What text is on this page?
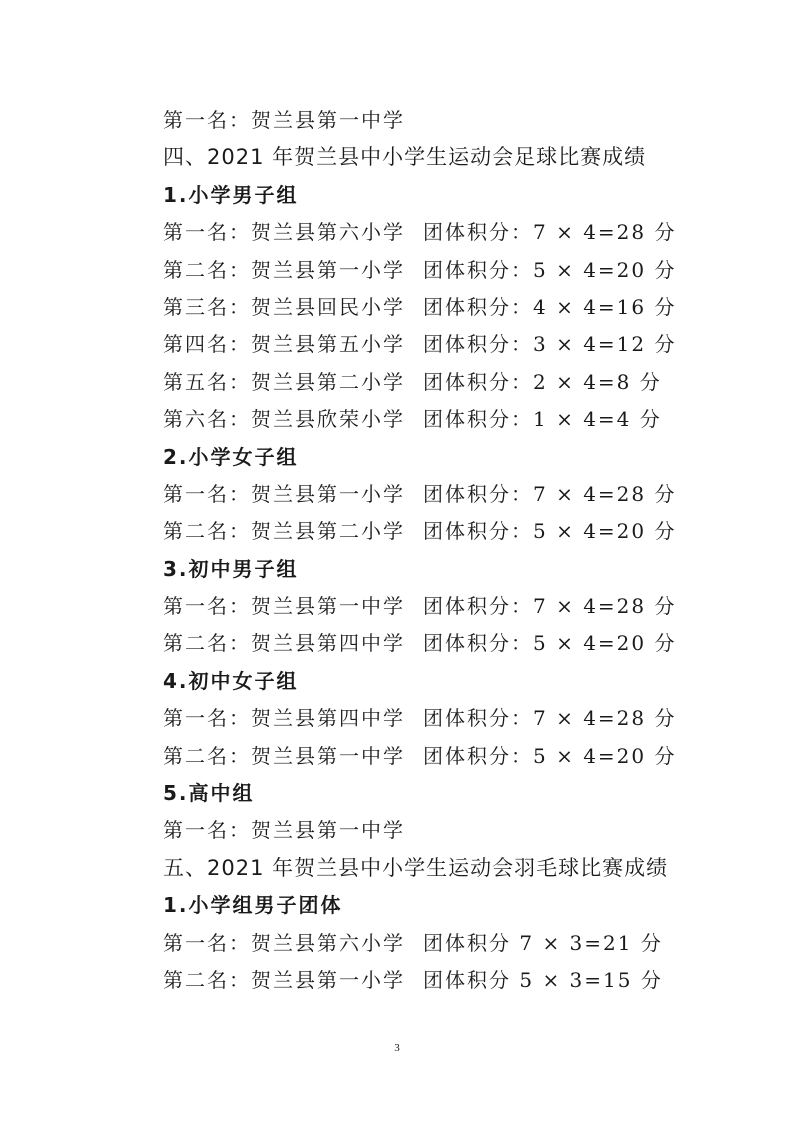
第一名：贺兰县第一中学
四、2021 年贺兰县中小学生运动会足球比赛成绩
1.小学男子组
第一名：贺兰县第六小学 团体积分：7 × 4=28 分
第二名：贺兰县第一小学 团体积分：5 × 4=20 分
第三名：贺兰县回民小学 团体积分：4 × 4=16 分
第四名：贺兰县第五小学 团体积分：3 × 4=12 分
第五名：贺兰县第二小学 团体积分：2 × 4=8 分
第六名：贺兰县欣荣小学 团体积分：1 × 4=4 分
2.小学女子组
第一名：贺兰县第一小学 团体积分：7 × 4=28 分
第二名：贺兰县第二小学 团体积分：5 × 4=20 分
3.初中男子组
第一名：贺兰县第一中学 团体积分：7 × 4=28 分
第二名：贺兰县第四中学 团体积分：5 × 4=20 分
4.初中女子组
第一名：贺兰县第四中学 团体积分：7 × 4=28 分
第二名：贺兰县第一中学 团体积分：5 × 4=20 分
5.高中组
第一名：贺兰县第一中学
五、2021 年贺兰县中小学生运动会羽毛球比赛成绩
1.小学组男子团体
第一名：贺兰县第六小学 团体积分 7 × 3=21 分
第二名：贺兰县第一小学 团体积分 5 × 3=15 分
3
